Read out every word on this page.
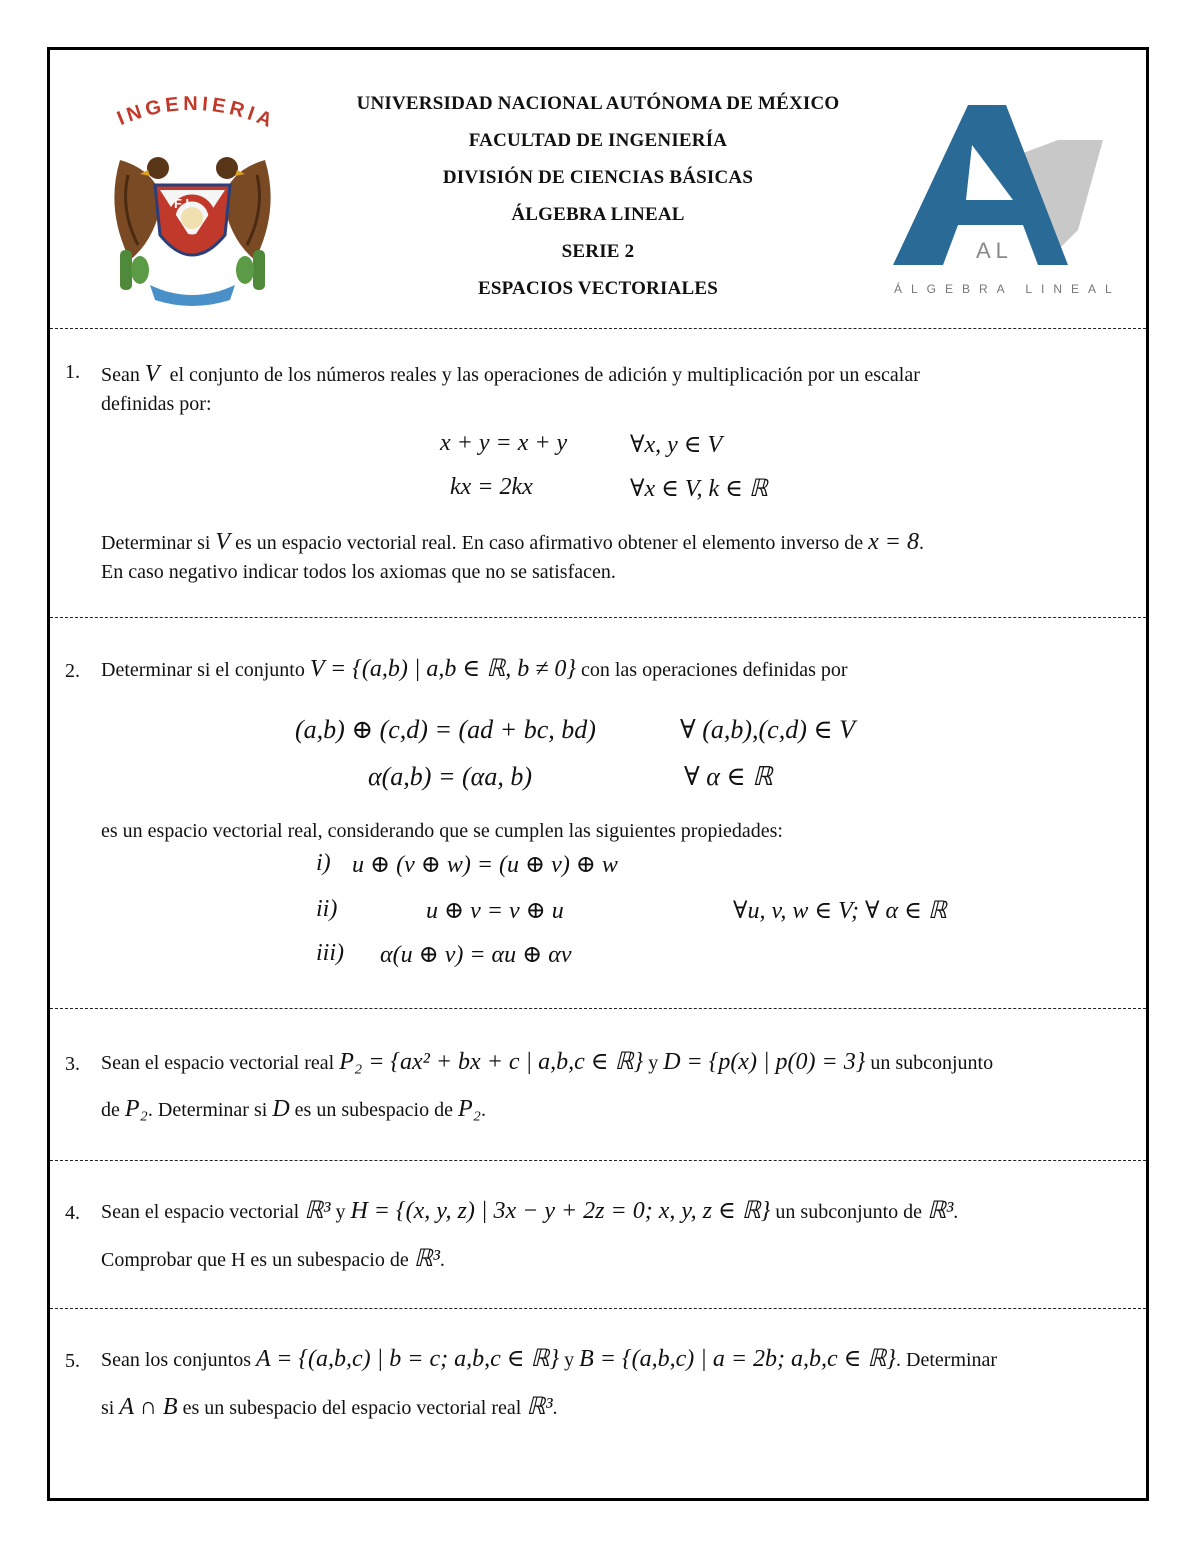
INGENIERIA
F I
UNIVERSIDAD NACIONAL AUTÓNOMA DE MÉXICO
FACULTAD DE INGENIERÍA
DIVISIÓN DE CIENCIAS BÁSICAS
ÁLGEBRA LINEAL
SERIE 2
ESPACIOS VECTORIALES
A L
ÁLGEBRA LINEAL
1. Sean V el conjunto de los números reales y las operaciones de adición y multiplicación por un escalar
definidas por:
x + y = x + y	∀x, y ∈ V
kx = 2kx	∀x ∈ V, k ∈ ℝ
Determinar si V es un espacio vectorial real. En caso afirmativo obtener el elemento inverso de x = 8.
En caso negativo indicar todos los axiomas que no se satisfacen.
2. Determinar si el conjunto V = {(a,b) | a,b ∈ ℝ, b ≠ 0} con las operaciones definidas por
(a,b) ⊕ (c,d) = (ad + bc, bd)	∀ (a,b),(c,d) ∈ V
α(a,b) = (αa, b)	∀ α ∈ ℝ
es un espacio vectorial real, considerando que se cumplen las siguientes propiedades:
i) u ⊕ (v ⊕ w) = (u ⊕ v) ⊕ w
ii)	u ⊕ v = v ⊕ u	∀u, v, w ∈ V; ∀ α ∈ ℝ
iii) α(u ⊕ v) = αu ⊕ αv
3. Sean el espacio vectorial real P₂ = {ax² + bx + c | a,b,c ∈ ℝ} y D = {p(x) | p(0) = 3} un subconjunto
de P₂. Determinar si D es un subespacio de P₂.
4. Sean el espacio vectorial ℝ³ y H = {(x, y, z) | 3x − y + 2z = 0; x, y, z ∈ ℝ} un subconjunto de ℝ³.
Comprobar que H es un subespacio de ℝ³.
5. Sean los conjuntos A = {(a,b,c) | b = c; a,b,c ∈ ℝ} y B = {(a,b,c) | a = 2b; a,b,c ∈ ℝ}. Determinar
si A ∩ B es un subespacio del espacio vectorial real ℝ³.
